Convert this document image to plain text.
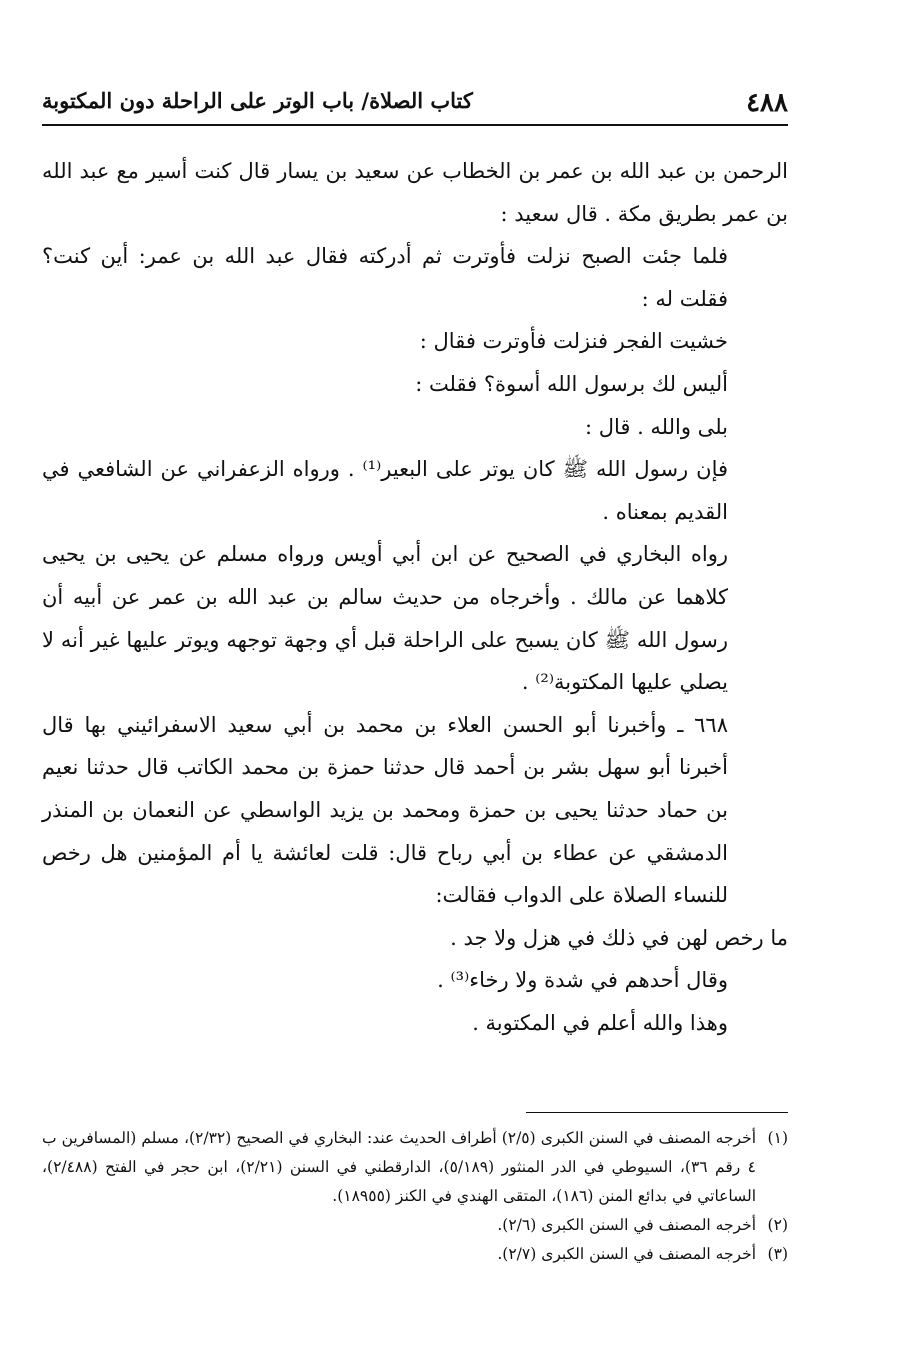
٤٨٨
كتاب الصلاة/ باب الوتر على الراحلة دون المكتوبة

الرحمن بن عبد الله بن عمر بن الخطاب عن سعيد بن يسار قال كنت أسير مع عبد الله بن عمر بطريق مكة . قال سعيد :

فلما جئت الصبح نزلت فأوترت ثم أدركته فقال عبد الله بن عمر: أين كنت؟ فقلت له :

خشيت الفجر فنزلت فأوترت فقال :

أليس لك برسول الله أسوة؟ فقلت :

بلى والله . قال :

فإن رسول الله ﷺ كان يوتر على البعير⁽¹⁾ . ورواه الزعفراني عن الشافعي في القديم بمعناه .

رواه البخاري في الصحيح عن ابن أبي أويس ورواه مسلم عن يحيى بن يحيى كلاهما عن مالك . وأخرجاه من حديث سالم بن عبد الله بن عمر عن أبيه أن رسول الله ﷺ كان يسبح على الراحلة قبل أي وجهة توجهه ويوتر عليها غير أنه لا يصلي عليها المكتوبة⁽²⁾ .

٦٦٨ ـ وأخبرنا أبو الحسن العلاء بن محمد بن أبي سعيد الاسفرائيني بها قال أخبرنا أبو سهل بشر بن أحمد قال حدثنا حمزة بن محمد الكاتب قال حدثنا نعيم بن حماد حدثنا يحيى بن حمزة ومحمد بن يزيد الواسطي عن النعمان بن المنذر الدمشقي عن عطاء بن أبي رباح قال: قلت لعائشة يا أم المؤمنين هل رخص للنساء الصلاة على الدواب فقالت:

ما رخص لهن في ذلك في هزل ولا جد .

وقال أحدهم في شدة ولا رخاء⁽³⁾ .

وهذا والله أعلم في المكتوبة .

(١)
أخرجه المصنف في السنن الكبرى (٢/٥) أطراف الحديث عند: البخاري في الصحيح (٢/٣٢)، مسلم (المسافرين ب ٤ رقم ٣٦)، السيوطي في الدر المنثور (٥/١٨٩)، الدارقطني في السنن (٢/٢١)، ابن حجر في الفتح (٢/٤٨٨)، الساعاتي في بدائع المنن (١٨٦)، المتقى الهندي في الكنز (١٨٩٥٥).
(٢)
أخرجه المصنف في السنن الكبرى (٢/٦).
(٣)
أخرجه المصنف في السنن الكبرى (٢/٧).
